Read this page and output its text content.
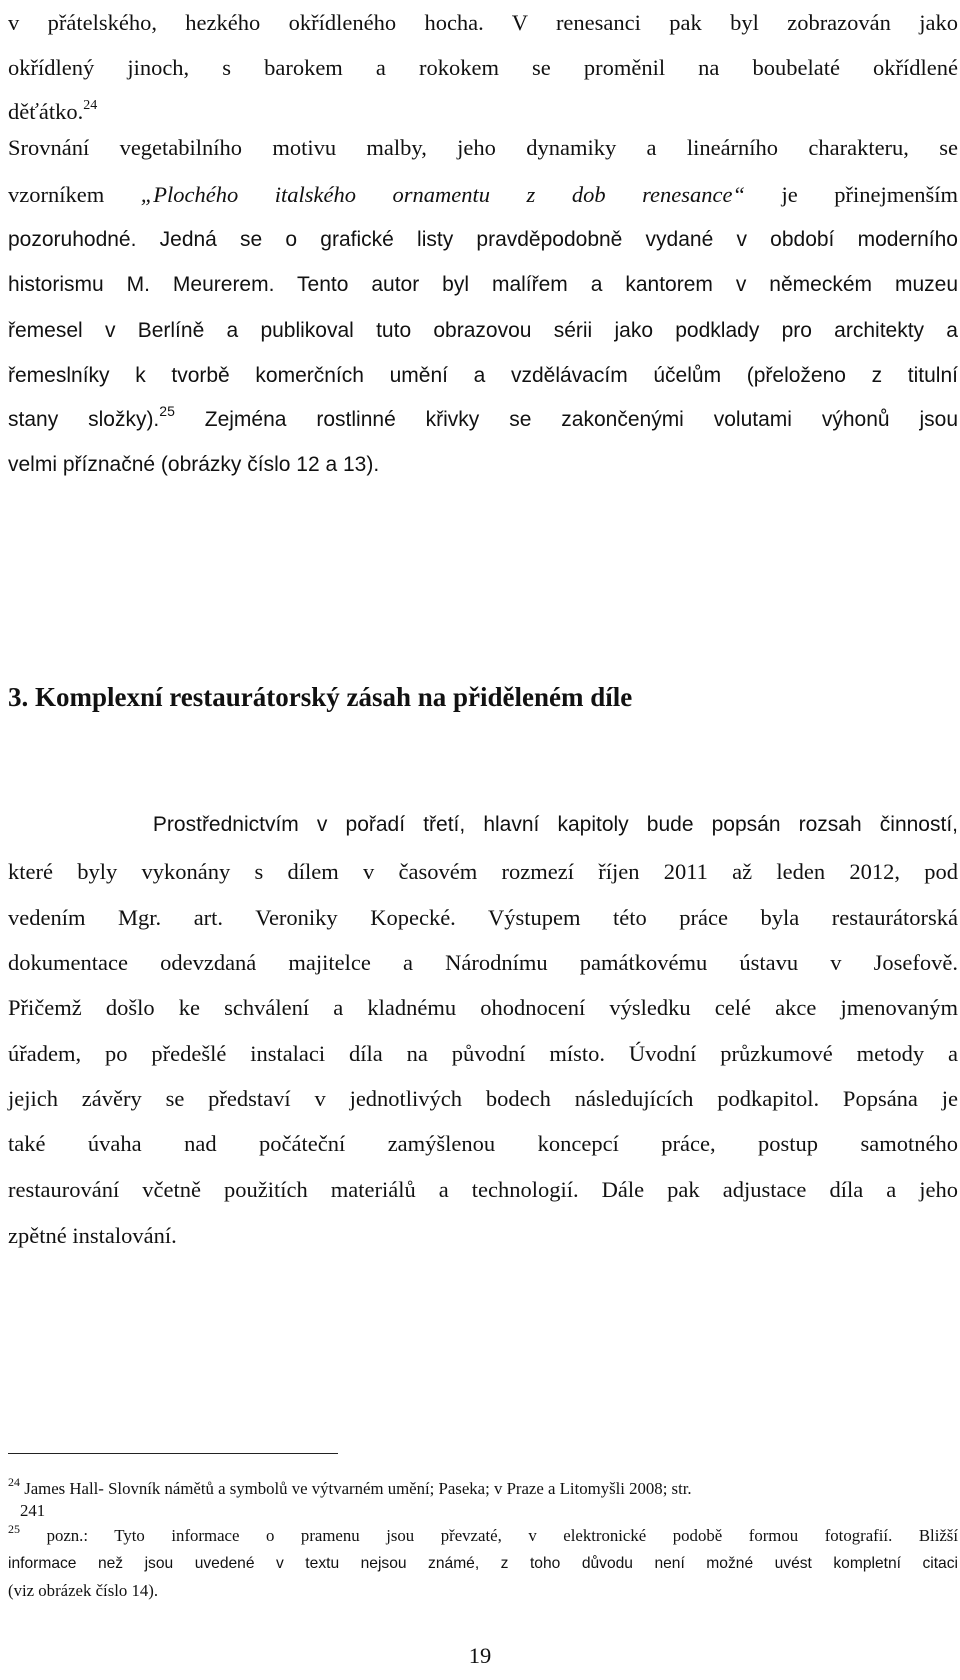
v přátelského, hezkého okřídleného hocha. V renesanci pak byl zobrazován jako
okřídlený jinoch, s barokem a rokokem se proměnil na boubelaté okřídlené
děťátko.$^{24}$
Srovnání vegetabilního motivu malby, jeho dynamiky a lineárního charakteru, se
vzorníkem „Plochého italského ornamentu z dob renesance“ je přinejmenším
pozoruhodné. Jedná se o grafické listy pravděpodobně vydané v období moderního
historismu M. Meurerem. Tento autor byl malířem a kantorem v německém muzeu
řemesel v Berlíně a publikoval tuto obrazovou sérii jako podklady pro architekty a
řemeslníky k tvorbě komerčních umění a vzdělávacím účelům (přeloženo z titulní
stany složky).$^{25}$ Zejména rostlinné křivky se zakončenými volutami výhonů jsou
velmi příznačné (obrázky číslo 12 a 13).
3. Komplexní restaurátorský zásah na přiděleném díle
Prostřednictvím v pořadí třetí, hlavní kapitoly bude popsán rozsah činností,
které byly vykonány s dílem v časovém rozmezí říjen 2011 až leden 2012, pod
vedením Mgr. art. Veroniky Kopecké. Výstupem této práce byla restaurátorská
dokumentace odevzdaná majitelce a Národnímu památkovému ústavu v Josefově.
Přičemž došlo ke schválení a kladnému ohodnocení výsledku celé akce jmenovaným
úřadem, po předešlé instalaci díla na původní místo. Úvodní průzkumové metody a
jejich závěry se představí v jednotlivých bodech následujících podkapitol. Popsána je
také úvaha nad počáteční zamýšlenou koncepcí práce, postup samotného
restaurování včetně použitích materiálů a technologií. Dále pak adjustace díla a jeho
zpětné instalování.
$^{24}$ James Hall- Slovník námětů a symbolů ve výtvarném umění; Paseka; v Praze a Litomyšli 2008; str.
241
$^{25}$ pozn.: Tyto informace o pramenu jsou převzaté, v elektronické podobě formou fotografií. Bližší
informace než jsou uvedené v textu nejsou známé, z toho důvodu není možné uvést kompletní citaci
(viz obrázek číslo 14).
19
